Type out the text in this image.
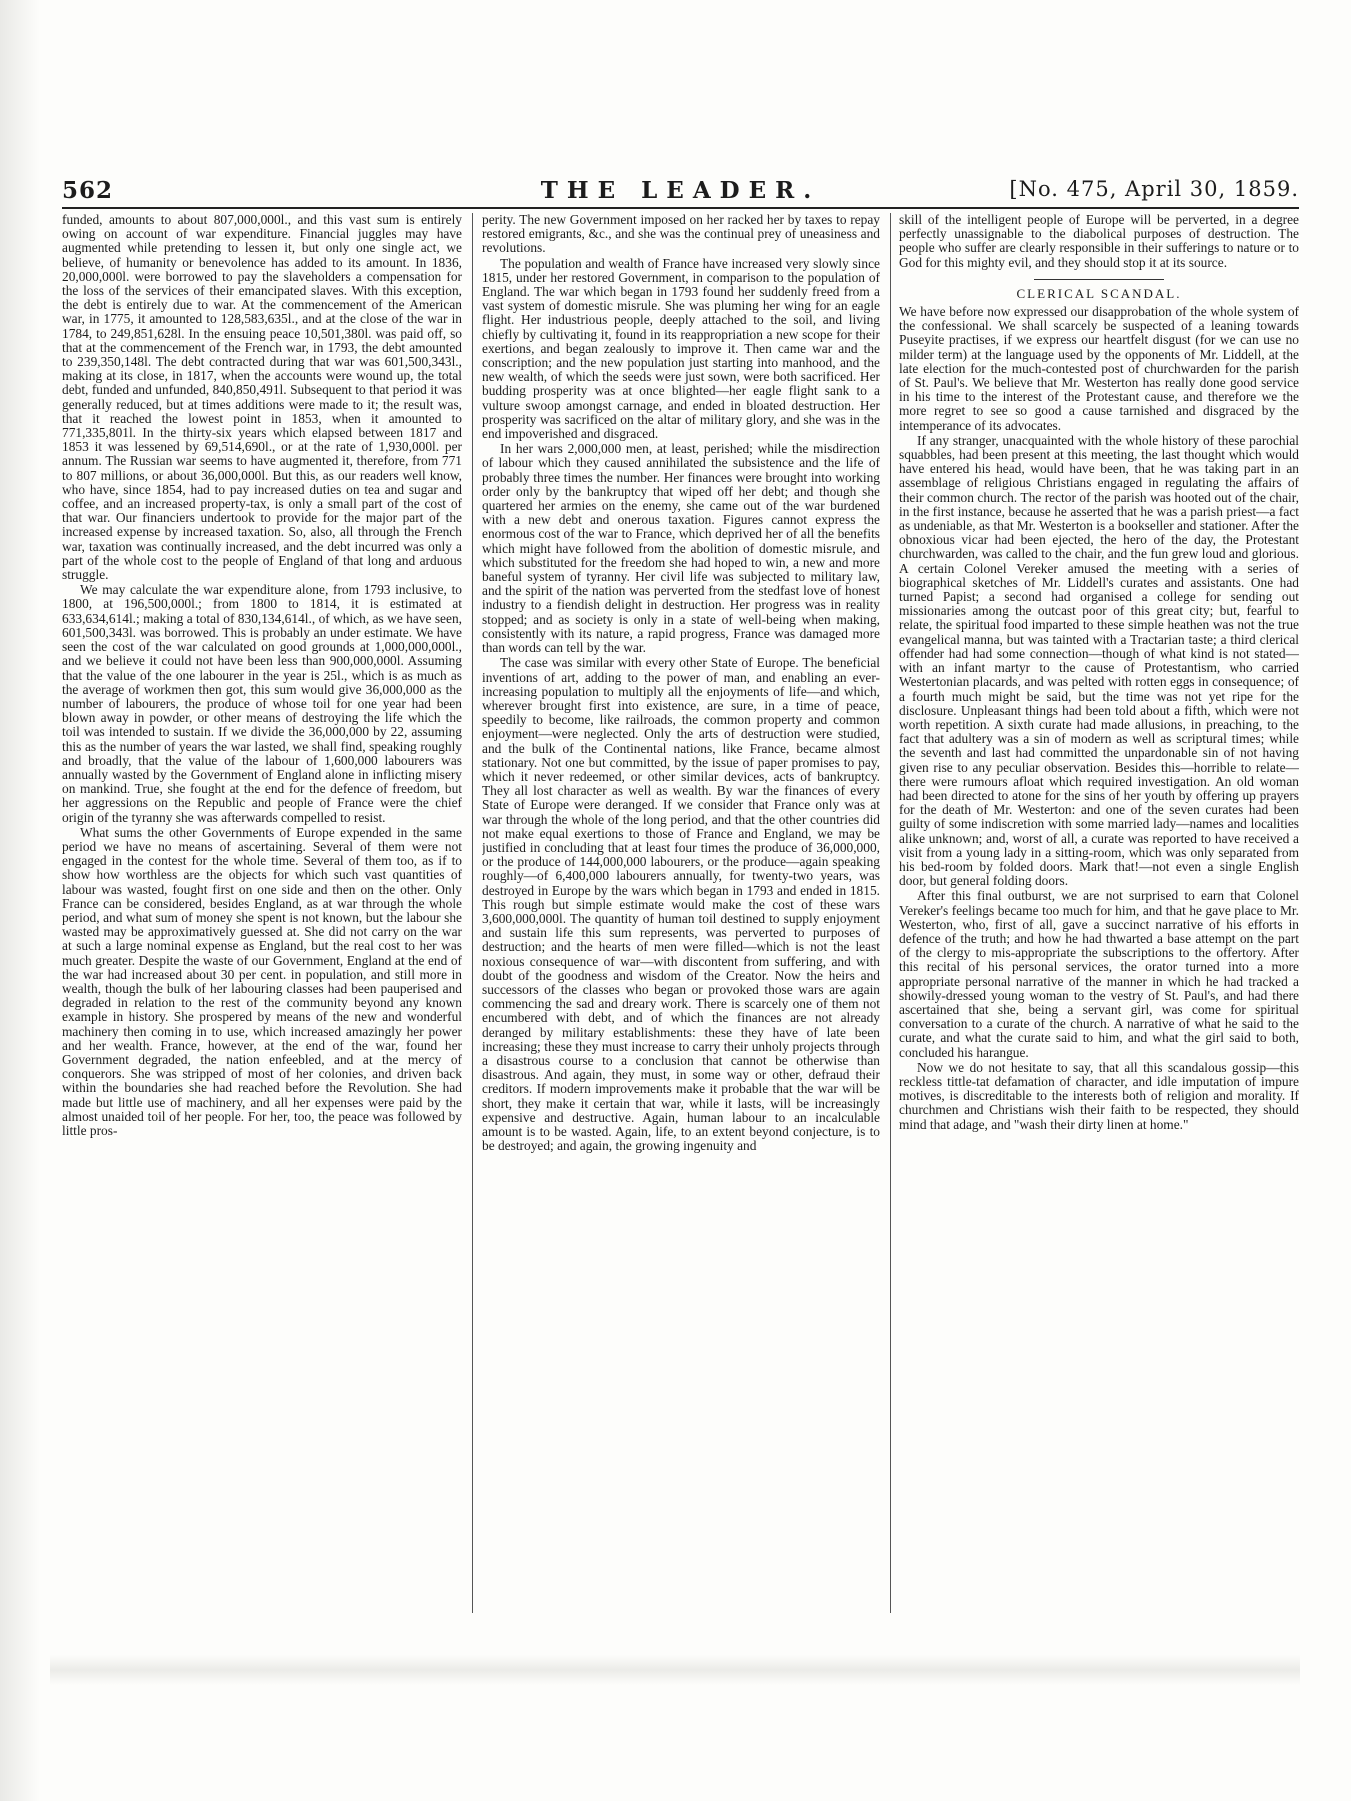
562	THE LEADER.	[No. 475, April 30, 1859.

funded, amounts to about 807,000,000l., and this vast sum is entirely owing on account of war expenditure. Financial juggles may have augmented while pretending to lessen it, but only one single act, we believe, of humanity or benevolence has added to its amount. In 1836, 20,000,000l. were borrowed to pay the slaveholders a compensation for the loss of the services of their emancipated slaves. With this exception, the debt is entirely due to war. At the commencement of the American war, in 1775, it amounted to 128,583,635l., and at the close of the war in 1784, to 249,851,628l. In the ensuing peace 10,501,380l. was paid off, so that at the commencement of the French war, in 1793, the debt amounted to 239,350,148l. The debt contracted during that war was 601,500,343l., making at its close, in 1817, when the accounts were wound up, the total debt, funded and unfunded, 840,850,491l. Subsequent to that period it was generally reduced, but at times additions were made to it; the result was, that it reached the lowest point in 1853, when it amounted to 771,335,801l. In the thirty-six years which elapsed between 1817 and 1853 it was lessened by 69,514,690l., or at the rate of 1,930,000l. per annum. The Russian war seems to have augmented it, therefore, from 771 to 807 millions, or about 36,000,000l. But this, as our readers well know, who have, since 1854, had to pay increased duties on tea and sugar and coffee, and an increased property-tax, is only a small part of the cost of that war. Our financiers undertook to provide for the major part of the increased expense by increased taxation. So, also, all through the French war, taxation was continually increased, and the debt incurred was only a part of the whole cost to the people of England of that long and arduous struggle.

We may calculate the war expenditure alone, from 1793 inclusive, to 1800, at 196,500,000l.; from 1800 to 1814, it is estimated at 633,634,614l.; making a total of 830,134,614l., of which, as we have seen, 601,500,343l. was borrowed. This is probably an under estimate. We have seen the cost of the war calculated on good grounds at 1,000,000,000l., and we believe it could not have been less than 900,000,000l. Assuming that the value of the one labourer in the year is 25l., which is as much as the average of workmen then got, this sum would give 36,000,000 as the number of labourers, the produce of whose toil for one year had been blown away in powder, or other means of destroying the life which the toil was intended to sustain. If we divide the 36,000,000 by 22, assuming this as the number of years the war lasted, we shall find, speaking roughly and broadly, that the value of the labour of 1,600,000 labourers was annually wasted by the Government of England alone in inflicting misery on mankind. True, she fought at the end for the defence of freedom, but her aggressions on the Republic and people of France were the chief origin of the tyranny she was afterwards compelled to resist.

What sums the other Governments of Europe expended in the same period we have no means of ascertaining. Several of them were not engaged in the contest for the whole time. Several of them too, as if to show how worthless are the objects for which such vast quantities of labour was wasted, fought first on one side and then on the other. Only France can be considered, besides England, as at war through the whole period, and what sum of money she spent is not known, but the labour she wasted may be approximatively guessed at. She did not carry on the war at such a large nominal expense as England, but the real cost to her was much greater. Despite the waste of our Government, England at the end of the war had increased about 30 per cent. in population, and still more in wealth, though the bulk of her labouring classes had been pauperised and degraded in relation to the rest of the community beyond any known example in history. She prospered by means of the new and wonderful machinery then coming in to use, which increased amazingly her power and her wealth. France, however, at the end of the war, found her Government degraded, the nation enfeebled, and at the mercy of conquerors. She was stripped of most of her colonies, and driven back within the boundaries she had reached before the Revolution. She had made but little use of machinery, and all her expenses were paid by the almost unaided toil of her people. For her, too, the peace was followed by little pros-

perity. The new Government imposed on her racked her by taxes to repay restored emigrants, &c., and she was the continual prey of uneasiness and revolutions.

The population and wealth of France have increased very slowly since 1815, under her restored Government, in comparison to the population of England. The war which began in 1793 found her suddenly freed from a vast system of domestic misrule. She was pluming her wing for an eagle flight. Her industrious people, deeply attached to the soil, and living chiefly by cultivating it, found in its reappropriation a new scope for their exertions, and began zealously to improve it. Then came war and the conscription; and the new population just starting into manhood, and the new wealth, of which the seeds were just sown, were both sacrificed. Her budding prosperity was at once blighted—her eagle flight sank to a vulture swoop amongst carnage, and ended in bloated destruction. Her prosperity was sacrificed on the altar of military glory, and she was in the end impoverished and disgraced.

In her wars 2,000,000 men, at least, perished; while the misdirection of labour which they caused annihilated the subsistence and the life of probably three times the number. Her finances were brought into working order only by the bankruptcy that wiped off her debt; and though she quartered her armies on the enemy, she came out of the war burdened with a new debt and onerous taxation. Figures cannot express the enormous cost of the war to France, which deprived her of all the benefits which might have followed from the abolition of domestic misrule, and which substituted for the freedom she had hoped to win, a new and more baneful system of tyranny. Her civil life was subjected to military law, and the spirit of the nation was perverted from the stedfast love of honest industry to a fiendish delight in destruction. Her progress was in reality stopped; and as society is only in a state of well-being when making, consistently with its nature, a rapid progress, France was damaged more than words can tell by the war.

The case was similar with every other State of Europe. The beneficial inventions of art, adding to the power of man, and enabling an ever-increasing population to multiply all the enjoyments of life—and which, wherever brought first into existence, are sure, in a time of peace, speedily to become, like railroads, the common property and common enjoyment—were neglected. Only the arts of destruction were studied, and the bulk of the Continental nations, like France, became almost stationary. Not one but committed, by the issue of paper promises to pay, which it never redeemed, or other similar devices, acts of bankruptcy. They all lost character as well as wealth. By war the finances of every State of Europe were deranged. If we consider that France only was at war through the whole of the long period, and that the other countries did not make equal exertions to those of France and England, we may be justified in concluding that at least four times the produce of 36,000,000, or the produce of 144,000,000 labourers, or the produce—again speaking roughly—of 6,400,000 labourers annually, for twenty-two years, was destroyed in Europe by the wars which began in 1793 and ended in 1815. This rough but simple estimate would make the cost of these wars 3,600,000,000l. The quantity of human toil destined to supply enjoyment and sustain life this sum represents, was perverted to purposes of destruction; and the hearts of men were filled—which is not the least noxious consequence of war—with discontent from suffering, and with doubt of the goodness and wisdom of the Creator. Now the heirs and successors of the classes who began or provoked those wars are again commencing the sad and dreary work. There is scarcely one of them not encumbered with debt, and of which the finances are not already deranged by military establishments: these they have of late been increasing; these they must increase to carry their unholy projects through a disastrous course to a conclusion that cannot be otherwise than disastrous. And again, they must, in some way or other, defraud their creditors. If modern improvements make it probable that the war will be short, they make it certain that war, while it lasts, will be increasingly expensive and destructive. Again, human labour to an incalculable amount is to be wasted. Again, life, to an extent beyond conjecture, is to be destroyed; and again, the growing ingenuity and

skill of the intelligent people of Europe will be perverted, in a degree perfectly unassignable to the diabolical purposes of destruction. The people who suffer are clearly responsible in their sufferings to nature or to God for this mighty evil, and they should stop it at its source.

CLERICAL SCANDAL.

We have before now expressed our disapprobation of the whole system of the confessional. We shall scarcely be suspected of a leaning towards Puseyite practises, if we express our heartfelt disgust (for we can use no milder term) at the language used by the opponents of Mr. Liddell, at the late election for the much-contested post of churchwarden for the parish of St. Paul's. We believe that Mr. Westerton has really done good service in his time to the interest of the Protestant cause, and therefore we the more regret to see so good a cause tarnished and disgraced by the intemperance of its advocates.

If any stranger, unacquainted with the whole history of these parochial squabbles, had been present at this meeting, the last thought which would have entered his head, would have been, that he was taking part in an assemblage of religious Christians engaged in regulating the affairs of their common church. The rector of the parish was hooted out of the chair, in the first instance, because he asserted that he was a parish priest—a fact as undeniable, as that Mr. Westerton is a bookseller and stationer. After the obnoxious vicar had been ejected, the hero of the day, the Protestant churchwarden, was called to the chair, and the fun grew loud and glorious. A certain Colonel Vereker amused the meeting with a series of biographical sketches of Mr. Liddell's curates and assistants. One had turned Papist; a second had organised a college for sending out missionaries among the outcast poor of this great city; but, fearful to relate, the spiritual food imparted to these simple heathen was not the true evangelical manna, but was tainted with a Tractarian taste; a third clerical offender had had some connection—though of what kind is not stated—with an infant martyr to the cause of Protestantism, who carried Westertonian placards, and was pelted with rotten eggs in consequence; of a fourth much might be said, but the time was not yet ripe for the disclosure. Unpleasant things had been told about a fifth, which were not worth repetition. A sixth curate had made allusions, in preaching, to the fact that adultery was a sin of modern as well as scriptural times; while the seventh and last had committed the unpardonable sin of not having given rise to any peculiar observation. Besides this—horrible to relate—there were rumours afloat which required investigation. An old woman had been directed to atone for the sins of her youth by offering up prayers for the death of Mr. Westerton: and one of the seven curates had been guilty of some indiscretion with some married lady—names and localities alike unknown; and, worst of all, a curate was reported to have received a visit from a young lady in a sitting-room, which was only separated from his bed-room by folded doors. Mark that!—not even a single English door, but general folding doors.

After this final outburst, we are not surprised to earn that Colonel Vereker's feelings became too much for him, and that he gave place to Mr. Westerton, who, first of all, gave a succinct narrative of his efforts in defence of the truth; and how he had thwarted a base attempt on the part of the clergy to mis-appropriate the subscriptions to the offertory. After this recital of his personal services, the orator turned into a more appropriate personal narrative of the manner in which he had tracked a showily-dressed young woman to the vestry of St. Paul's, and had there ascertained that she, being a servant girl, was come for spiritual conversation to a curate of the church. A narrative of what he said to the curate, and what the curate said to him, and what the girl said to both, concluded his harangue.

Now we do not hesitate to say, that all this scandalous gossip—this reckless tittle-tat defamation of character, and idle imputation of impure motives, is discreditable to the interests both of religion and morality. If churchmen and Christians wish their faith to be respected, they should mind that adage, and "wash their dirty linen at home."
